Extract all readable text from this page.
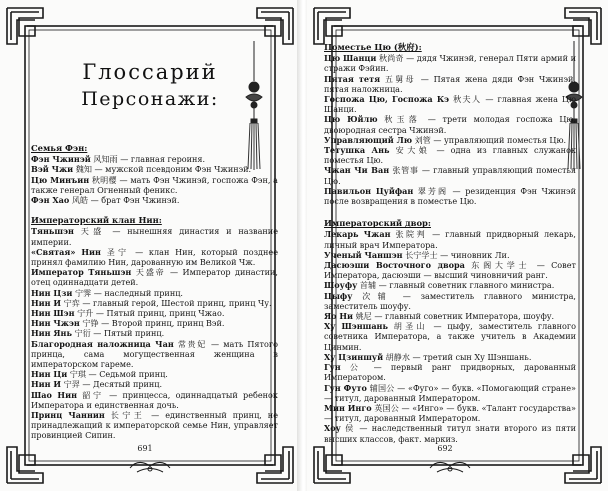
Глоссарий
Персонажи:
Семья Фэн:

Фэн Чжинэй 风知雨 — главная героиня.

Вэй Чжи 魏知 — мужской псевдоним Фэн Чжинэй.

Цю Минъин 秋明樱 — мать Фэн Чжинэй, госпожа Фэн, а также генерал Огненный феникс.

Фэн Хао 风皓 — брат Фэн Чжинэй.

Императорский клан Нин:

Тяньшэн 天盛 — нынешняя династия и название империи.

«Святая» Нин 圣宁 — клан Нин, который позднее принял фамилию Нин, дарованную им Великой Чж.

Император Тяньшэн 天盛帝 — Император династии, отец одиннадцати детей.

Нин Цзи 宁霁 — наследный принц.

Нин И 宁弈 — главный герой, Шестой принц, принц Чу.

Нин Шэн 宁升 — Пятый принц, принц Чжао.

Нин Чжэн 宁铮 — Второй принц, принц Вэй.

Нин Янь 宁衍 — Пятый принц.

Благородная наложница Чан 常贵妃 — мать Пятого принца, сама могущественная женщина в императорском гареме.

Нин Ци 宁琪 — Седьмой принц.

Нин И 宁羿 — Десятый принц.

Шао Нин 韶宁 — принцесса, одиннадцатый ребенок Императора и единственная дочь.

Принц Чаннин 长宁王 — единственный принц, не принадлежащий к императорской семье Нин, управляет провинцией Сипин.

691
Поместье Цю (秋府):

Цю Шанци 秋尚奇 — дядя Чжинэй, генерал Пяти армий и стражи Фэйин.

Пятая тетя 五舅母 — Пятая жена дяди Фэн Чжинэй, пятая наложница.

Госпожа Цю, Госпожа Кэ 秋夫人 — главная жена Цю Шанци.

Цю Юйлю 秋玉落 — трети молодая госпожа Цю, двоюродная сестра Чжинэй.

Управляющий Лю 刘管 — управляющий поместья Цю.

Тетушка Ань 安大娘 — одна из главных служанок поместья Цю.

Чжан Чи Ван 张管事 — главный управляющий поместья Цю.

Павильон Цуйфан 翠芳阁 — резиденция Фэн Чжинэй после возвращения в поместье Цю.

Императорский двор:

Лекарь Чжан 张院判 — главный придворный лекарь, личный врач Императора.

Ученый Чаншэн 长宁学士 — чиновник Ли.

Дасюэши Восточного двора 东阁大学士 — Совет Императора, дасюэши — высший чиновничий ранг.

Шоуфу 首辅 — главный советник главного министра.

Цыфу 次辅 — заместитель главного министра, заместитель шоуфу.

Яо Ни 姚尼 — главный советник Императора, шоуфу.

Ху Шэншань 胡圣山 — цыфу, заместитель главного советника Императора, а также учитель в Академии Цинмин.

Ху Цзиншуй 胡静水 — третий сын Ху Шэншань.

Гун 公 — первый ранг придворных, дарованный Императором.

Гун Футо 辅国公 — «Фуго» — букв. «Помогающий стране» — титул, дарованный Императором.

Мин Инго 英国公 — «Инго» — букв. «Талант государства» — титул, дарованный Императором.

Хоу 侯 — наследственный титул знати второго из пяти высших классов, факт. маркиз.

692
